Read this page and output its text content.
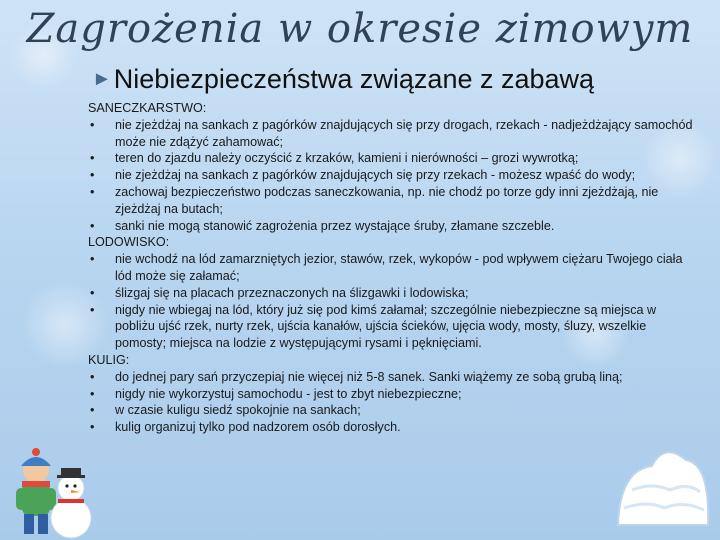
Zagrożenia w okresie zimowym
►Niebiezpieczeństwa związane z zabawą

SANECZKARSTWO:

• nie zjeżdżaj na sankach z pagórków znajdujących się przy drogach, rzekach - nadjeżdżający samochód może nie zdążyć zahamować;

• teren do zjazdu należy oczyścić z krzaków, kamieni i nierówności – grozi wywrotką;

• nie zjeżdżaj na sankach z pagórków znajdujących się przy rzekach - możesz wpaść do wody;

• zachowaj bezpieczeństwo podczas saneczkowania, np. nie chodź po torze gdy inni zjeżdżają, nie zjeżdżaj na butach;

• sanki nie mogą stanowić zagrożenia przez wystające śruby, złamane szczeble.

LODOWISKO:

• nie wchodź na lód zamarzniętych jezior, stawów, rzek, wykopów - pod wpływem ciężaru Twojego ciała lód może się załamać;

• ślizgaj się na placach przeznaczonych na ślizgawki i lodowiska;

• nigdy nie wbiegaj na lód, który już się pod kimś załamał; szczególnie niebezpieczne są miejsca w pobliżu ujść rzek, nurty rzek, ujścia kanałów, ujścia ścieków, ujęcia wody, mosty, śluzy, wszelkie pomosty; miejsca na lodzie z występującymi rysami i pęknięciami.

KULIG:

• do jednej pary sań przyczepiaj nie więcej niż 5-8 sanek. Sanki wiążemy ze sobą grubą liną;

• nigdy nie wykorzystuj samochodu - jest to zbyt niebezpieczne;

• w czasie kuligu siedź spokojnie na sankach;

• kulig organizuj tylko pod nadzorem osób dorosłych.
